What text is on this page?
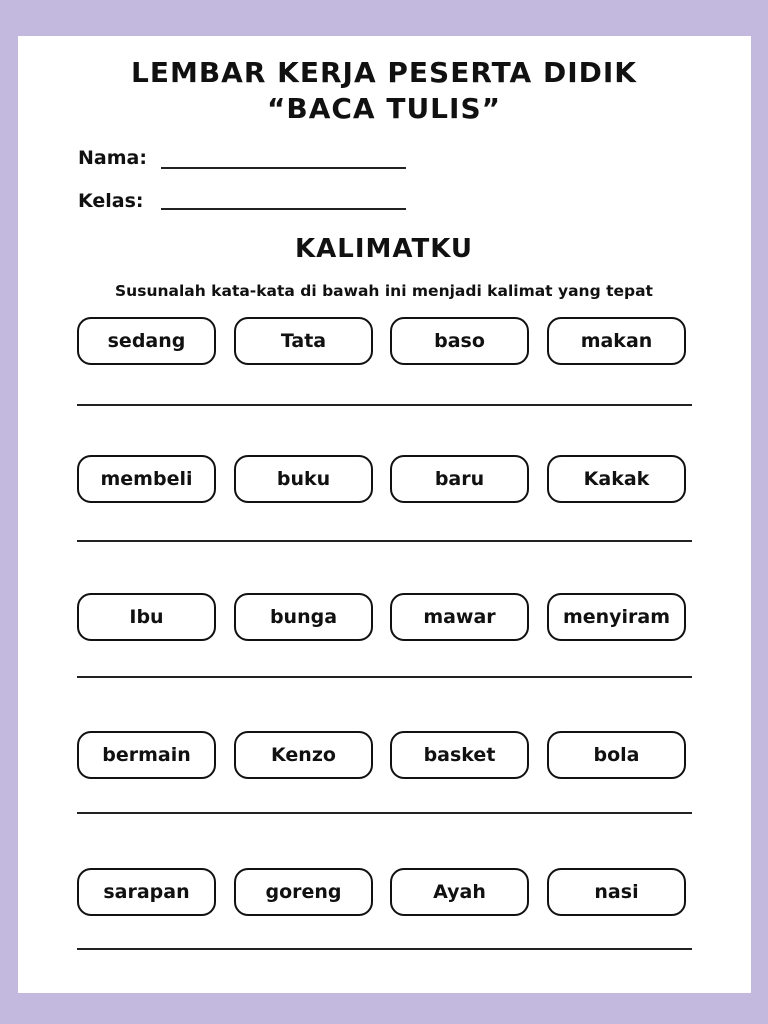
LEMBAR KERJA PESERTA DIDIK
“BACA TULIS”
Nama:
Kelas:
KALIMATKU
Susunalah kata-kata di bawah ini menjadi kalimat yang tepat
sedang	Tata	baso	makan
membeli	buku	baru	Kakak
Ibu	bunga	mawar	menyiram
bermain	Kenzo	basket	bola
sarapan	goreng	Ayah	nasi
